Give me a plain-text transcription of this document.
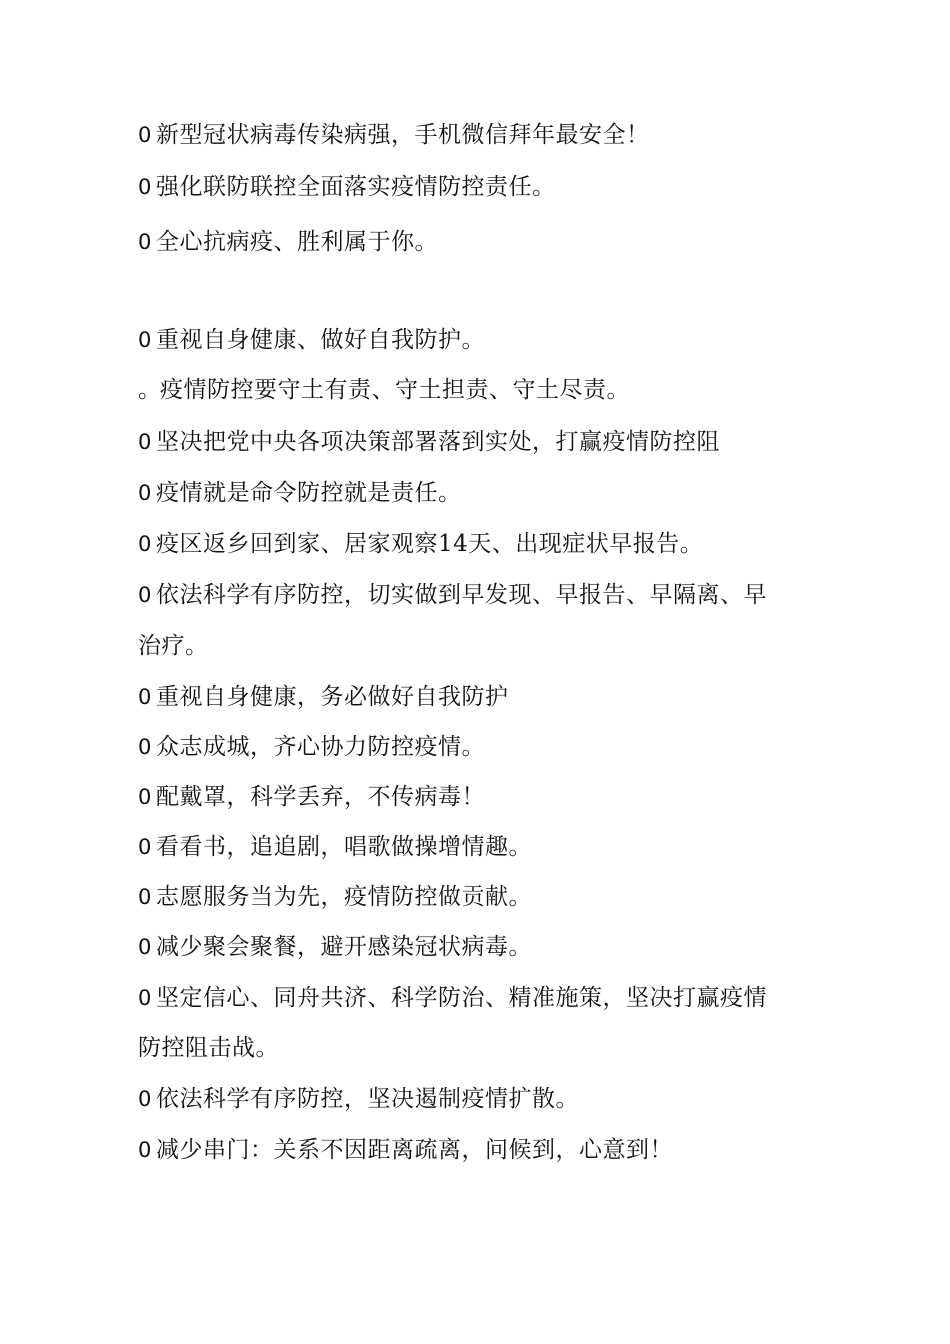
0 新型冠状病毒传染病强，手机微信拜年最安全！
0 强化联防联控全面落实疫情防控责任。
0 全心抗病疫、胜利属于你。
0 重视自身健康、做好自我防护。
。疫情防控要守土有责、守土担责、守土尽责。
0 坚决把党中央各项决策部署落到实处，打赢疫情防控阻
0 疫情就是命令防控就是责任。
0 疫区返乡回到家、居家观察14天、出现症状早报告。
0 依法科学有序防控，切实做到早发现、早报告、早隔离、早
治疗。
0 重视自身健康，务必做好自我防护
0 众志成城，齐心协力防控疫情。
0 配戴罩，科学丢弃，不传病毒！
0 看看书，追追剧，唱歌做操增情趣。
0 志愿服务当为先，疫情防控做贡献。
0 减少聚会聚餐，避开感染冠状病毒。
0 坚定信心、同舟共济、科学防治、精准施策，坚决打赢疫情
防控阻击战。
0 依法科学有序防控，坚决遏制疫情扩散。
0 减少串门：关系不因距离疏离，问候到，心意到！
